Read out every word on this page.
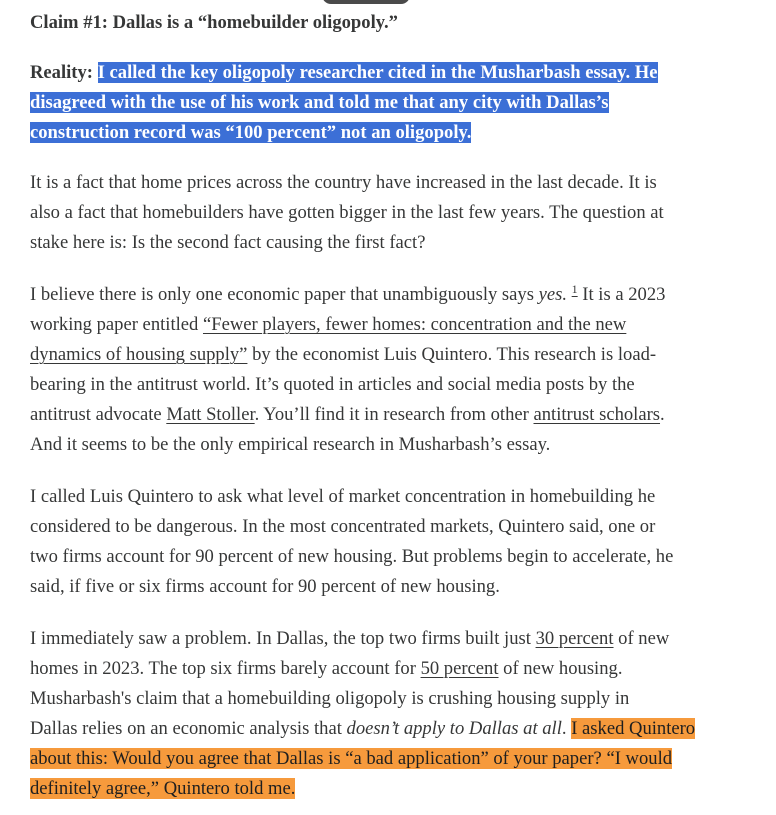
Claim #1: Dallas is a “homebuilder oligopoly.”

Reality: I called the key oligopoly researcher cited in the Musharbash essay. He
disagreed with the use of his work and told me that any city with Dallas’s
construction record was “100 percent” not an oligopoly.
It is a fact that home prices across the country have increased in the last decade. It is
also a fact that homebuilders have gotten bigger in the last few years. The question at
stake here is: Is the second fact causing the first fact?
I believe there is only one economic paper that unambiguously says yes. $^1$ It is a 2023
working paper entitled “Fewer players, fewer homes: concentration and the new
dynamics of housing supply” by the economist Luis Quintero. This research is load-
bearing in the antitrust world. It’s quoted in articles and social media posts by the
antitrust advocate Matt Stoller. You’ll find it in research from other antitrust scholars.
And it seems to be the only empirical research in Musharbash’s essay.
I called Luis Quintero to ask what level of market concentration in homebuilding he
considered to be dangerous. In the most concentrated markets, Quintero said, one or
two firms account for 90 percent of new housing. But problems begin to accelerate, he
said, if five or six firms account for 90 percent of new housing.
I immediately saw a problem. In Dallas, the top two firms built just 30 percent of new
homes in 2023. The top six firms barely account for 50 percent of new housing.
Musharbash's claim that a homebuilding oligopoly is crushing housing supply in
Dallas relies on an economic analysis that doesn’t apply to Dallas at all. I asked Quintero
about this: Would you agree that Dallas is “a bad application” of your paper? “I would
definitely agree,” Quintero told me.
